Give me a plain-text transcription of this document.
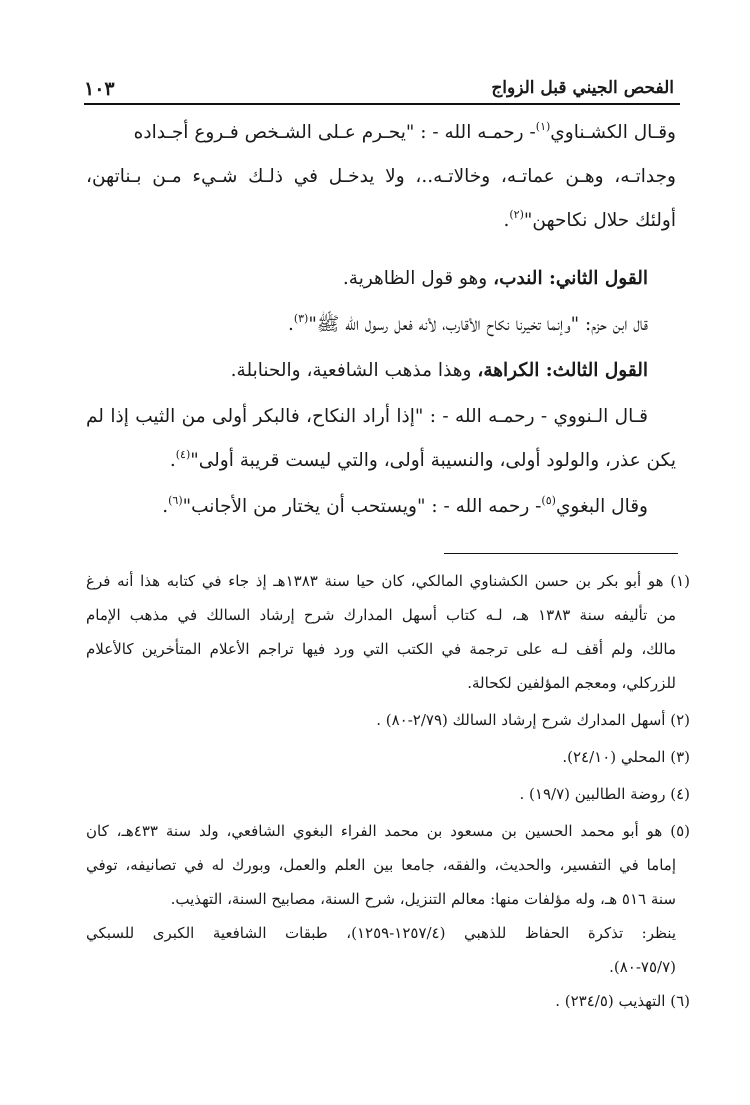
الفحص الجيني قبل الزواج
١٠٣
وقـال الكشـناوي$^{(١)}$- رحمـه الله - : "يحـرم عـلى الشـخص فـروع أجـداده
وجداتـه، وهـن عماتـه، وخالاتـه..، ولا يدخـل في ذلـك شـيء مـن بـناتهن،
أولئك حلال نكاحهن"$^{(٢)}$.
القول الثاني: الندب، وهو قول الظاهرية.
قال ابن حزم: "وإنما تخيرنا نكاح الأقارب، لأنه فعل رسول الله ﷺ"$^{(٣)}$.
القول الثالث: الكراهة، وهذا مذهب الشافعية، والحنابلة.
قـال الـنووي - رحمـه الله - : "إذا أراد النكاح، فالبكر أولى من الثيب إذا لم
يكن عذر، والولود أولى، والنسيبة أولى، والتي ليست قريبة أولى"$^{(٤)}$.
وقال البغوي$^{(٥)}$- رحمه الله - : "ويستحب أن يختار من الأجانب"$^{(٦)}$.
(١) هو أبو بكر بن حسن الكشناوي المالكي، كان حيا سنة ١٣٨٣هـ إذ جاء في كتابه هذا أنه فرغ
من تأليفه سنة ١٣٨٣ هـ، لـه كتاب أسهل المدارك شرح إرشاد السالك في مذهب الإمام
مالك، ولم أقف لـه على ترجمة في الكتب التي ورد فيها تراجم الأعلام المتأخرين كالأعلام
للزركلي، ومعجم المؤلفين لكحالة.
(٢) أسهل المدارك شرح إرشاد السالك (٢/٧٩-٨٠) .
(٣) المحلي (٢٤/١٠).
(٤) روضة الطالبين (١٩/٧) .
(٥) هو أبو محمد الحسين بن مسعود بن محمد الفراء البغوي الشافعي، ولد سنة ٤٣٣هـ، كان
إماما في التفسير، والحديث، والفقه، جامعا بين العلم والعمل، وبورك له في تصانيفه، توفي
سنة ٥١٦ هـ، وله مؤلفات منها: معالم التنزيل، شرح السنة، مصابيح السنة، التهذيب.
ينظر: تذكرة الحفاظ للذهبي (١٢٥٧/٤-١٢٥٩)، طبقات الشافعية الكبرى للسبكي
(٧٥/٧-٨٠).
(٦) التهذيب (٢٣٤/٥) .
